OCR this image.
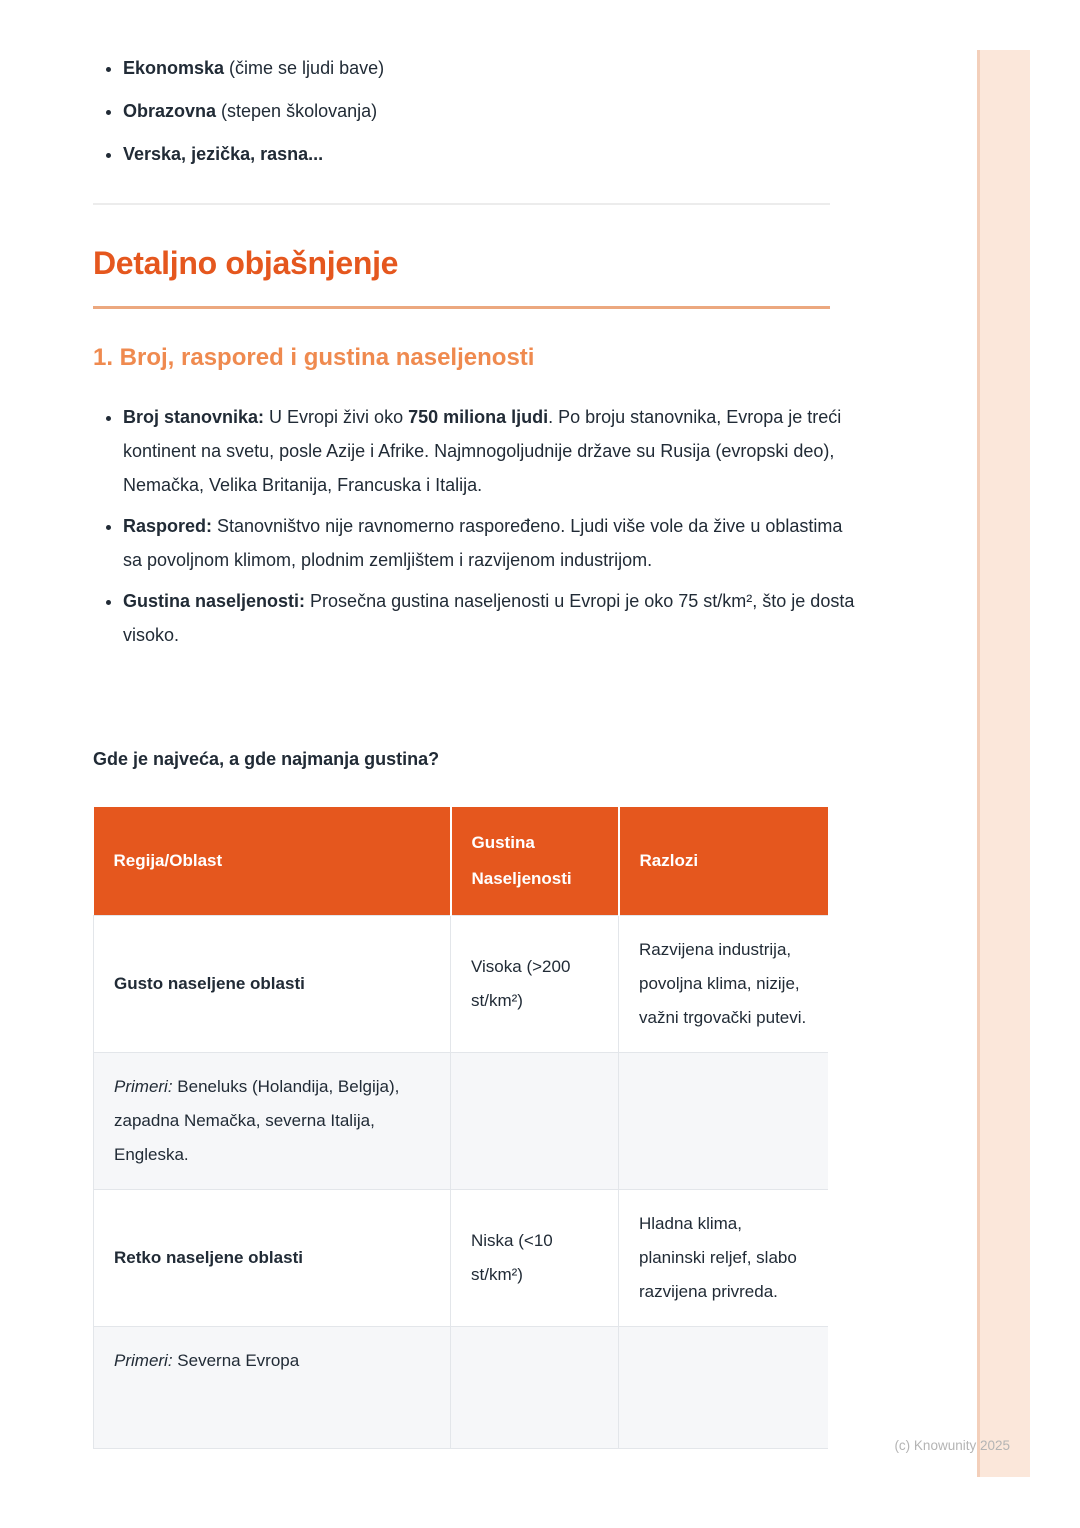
• Ekonomska (čime se ljudi bave)
• Obrazovna (stepen školovanja)
• Verska, jezička, rasna...
Detaljno objašnjenje
1. Broj, raspored i gustina naseljenosti
• Broj stanovnika: U Evropi živi oko 750 miliona ljudi. Po broju stanovnika, Evropa je treći kontinent na svetu, posle Azije i Afrike. Najmnogoljudnije države su Rusija (evropski deo), Nemačka, Velika Britanija, Francuska i Italija.
• Raspored: Stanovništvo nije ravnomerno raspoređeno. Ljudi više vole da žive u oblastima sa povoljnom klimom, plodnim zemljištem i razvijenom industrijom.
• Gustina naseljenosti: Prosečna gustina naseljenosti u Evropi je oko 75 st/km², što je dosta visoko.

Gde je najveća, a gde najmanja gustina?

Regija/Oblast	Gustina Naseljenosti	Razlozi
Gusto naseljene oblasti	Visoka (>200 st/km²)	Razvijena industrija, povoljna klima, nizije, važni trgovački putevi.
Primeri: Beneluks (Holandija, Belgija), zapadna Nemačka, severna Italija, Engleska.		
Retko naseljene oblasti	Niska (<10 st/km²)	Hladna klima, planinski reljef, slabo razvijena privreda.
Primeri: Severna Evropa		
(c) Knowunity 2025
